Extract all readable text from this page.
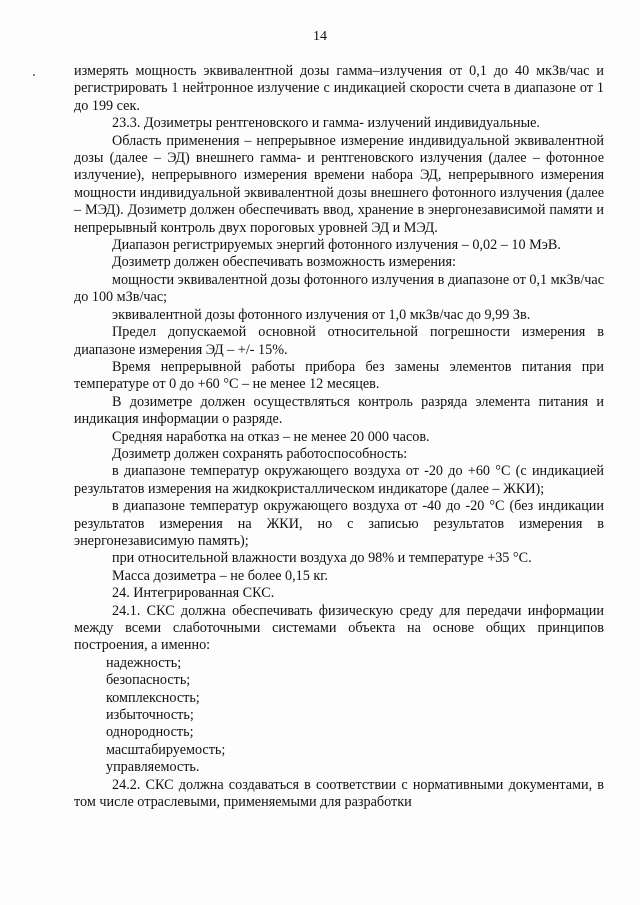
14

измерять мощность эквивалентной дозы гамма–излучения от 0,1 до 40 мкЗв/час и регистрировать 1 нейтронное излучение с индикацией скорости счета в диапазоне от 1 до 199 сек.

23.3. Дозиметры рентгеновского и гамма- излучений индивидуальные.

Область применения – непрерывное измерение индивидуальной эквивалентной дозы (далее – ЭД) внешнего гамма- и рентгеновского излучения (далее – фотонное излучение), непрерывного измерения времени набора ЭД, непрерывного измерения мощности индивидуальной эквивалентной дозы внешнего фотонного излучения (далее – МЭД). Дозиметр должен обеспечивать ввод, хранение в энергонезависимой памяти и непрерывный контроль двух пороговых уровней ЭД и МЭД.

Диапазон регистрируемых энергий фотонного излучения – 0,02 – 10 МэВ.

Дозиметр должен обеспечивать возможность измерения:

мощности эквивалентной дозы фотонного излучения в диапазоне от 0,1 мкЗв/час до 100 мЗв/час;

эквивалентной дозы фотонного излучения от 1,0 мкЗв/час до 9,99 Зв.

Предел допускаемой основной относительной погрешности измерения в диапазоне измерения ЭД – +/- 15%.

Время непрерывной работы прибора без замены элементов питания при температуре от 0 до +60 °С – не менее 12 месяцев.

В дозиметре должен осуществляться контроль разряда элемента питания и индикация информации о разряде.

Средняя наработка на отказ – не менее 20 000 часов.

Дозиметр должен сохранять работоспособность:

в диапазоне температур окружающего воздуха от -20 до +60 °С (с индикацией результатов измерения на жидкокристаллическом индикаторе (далее – ЖКИ);

в диапазоне температур окружающего воздуха от -40 до -20 °С (без индикации результатов измерения на ЖКИ, но с записью результатов измерения в энергонезависимую память);

при относительной влажности воздуха до 98% и температуре +35 °С.

Масса дозиметра – не более 0,15 кг.

24. Интегрированная СКС.

24.1. СКС должна обеспечивать физическую среду для передачи информации между всеми слаботочными системами объекта на основе общих принципов построения, а именно:

надежность;

безопасность;

комплексность;

избыточность;

однородность;

масштабируемость;

управляемость.

24.2. СКС должна создаваться в соответствии с нормативными документами, в том числе отраслевыми, применяемыми для разработки
